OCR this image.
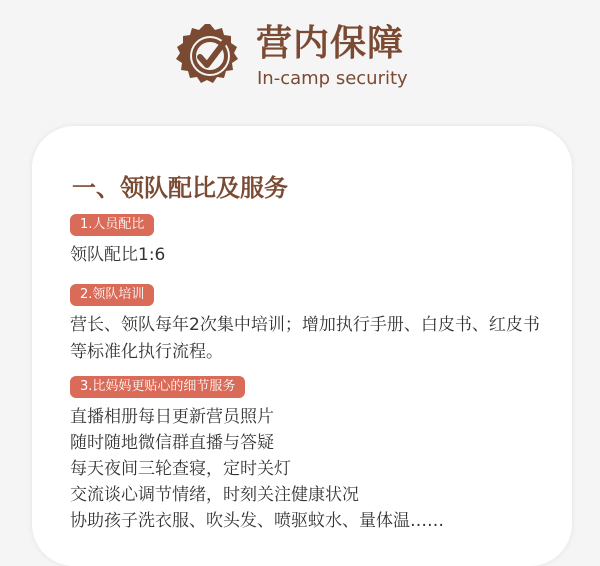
营内保障
In-camp security
一、领队配比及服务
1.人员配比
领队配比1:6
2.领队培训
营长、领队每年2次集中培训；增加执行手册、白皮书、红皮书
等标准化执行流程。
3.比妈妈更贴心的细节服务
直播相册每日更新营员照片
随时随地微信群直播与答疑
每天夜间三轮查寝，定时关灯
交流谈心调节情绪，时刻关注健康状况
协助孩子洗衣服、吹头发、喷驱蚊水、量体温……
